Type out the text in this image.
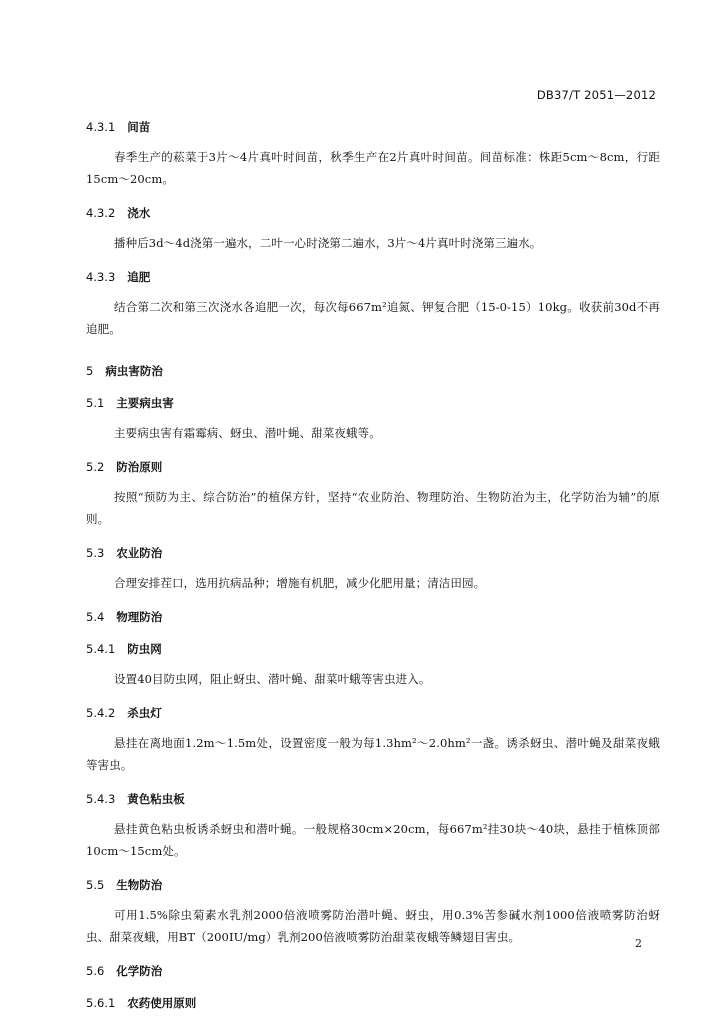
DB37/T 2051—2012

4.3.1 间苗

春季生产的菘菜于3片～4片真叶时间苗，秋季生产在2片真叶时间苗。间苗标准：株距5cm～8cm，行距15cm～20cm。

4.3.2 浇水

播种后3d～4d浇第一遍水，二叶一心时浇第二遍水，3片～4片真叶时浇第三遍水。

4.3.3 追肥

结合第二次和第三次浇水各追肥一次，每次每667m²追氮、钾复合肥（15-0-15）10kg。收获前30d不再追肥。

5 病虫害防治

5.1 主要病虫害

主要病虫害有霜霉病、蚜虫、潜叶蝇、甜菜夜蛾等。

5.2 防治原则

按照“预防为主、综合防治”的植保方针，坚持“农业防治、物理防治、生物防治为主，化学防治为辅”的原则。

5.3 农业防治

合理安排茬口，选用抗病品种；增施有机肥，减少化肥用量；清洁田园。

5.4 物理防治

5.4.1 防虫网

设置40目防虫网，阻止蚜虫、潜叶蝇、甜菜叶蛾等害虫进入。

5.4.2 杀虫灯

悬挂在离地面1.2m～1.5m处，设置密度一般为每1.3hm²～2.0hm²一盏。诱杀蚜虫、潜叶蝇及甜菜夜蛾等害虫。

5.4.3 黄色粘虫板

悬挂黄色粘虫板诱杀蚜虫和潜叶蝇。一般规格30cm×20cm，每667m²挂30块～40块，悬挂于植株顶部10cm～15cm处。

5.5 生物防治

可用1.5%除虫菊素水乳剂2000倍液喷雾防治潜叶蝇、蚜虫，用0.3%苦参碱水剂1000倍液喷雾防治蚜虫、甜菜夜蛾，用BT（200IU/mg）乳剂200倍液喷雾防治甜菜夜蛾等鳞翅目害虫。

5.6 化学防治

5.6.1 农药使用原则

2
